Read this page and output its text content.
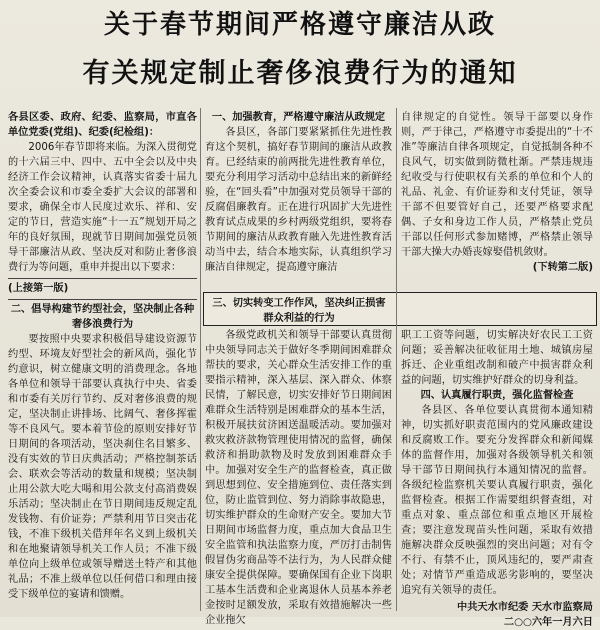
关于春节期间严格遵守廉洁从政
有关规定制止奢侈浪费行为的通知

各县区委、政府、纪委、监察局，市直各单位党委(党组)、纪委(纪检组)：

2006年春节即将来临。为深入贯彻党的十六届三中、四中、五中全会以及中央经济工作会议精神，认真落实省委十届九次全委会议和市委全委扩大会议的部署和要求，确保全市人民度过欢乐、祥和、安定的节日，营造实施“十一五”规划开局之年的良好氛围，现就节日期间加强党员领导干部廉洁从政、坚决反对和防止奢侈浪费行为等问题，重申并提出以下要求：

(上接第一版)

二、倡导构建节约型社会，坚决制止各种奢侈浪费行为

要按照中央要求积极倡导建设资源节约型、环境友好型社会的新风尚，强化节约意识，树立健康文明的消费理念。各地各单位和领导干部要认真执行中央、省委和市委有关厉行节约、反对奢侈浪费的规定，坚决制止讲排场、比阔气、奢侈挥霍等不良风气。要本着节俭的原则安排好节日期间的各项活动，坚决刹住名目繁多、没有实效的节日庆典活动；严格控制茶话会、联欢会等活动的数量和规模；坚决制止用公款大吃大喝和用公款支付高消费娱乐活动；坚决制止在节日期间违反规定乱发钱物、有价证券；严禁利用节日突击花钱，不准下级机关借拜年名义到上级机关和在地聚请领导机关工作人员；不准下级单位向上级单位或领导赠送土特产和其他礼品；不准上级单位以任何借口和理由接受下级单位的宴请和馈赠。

一、加强教育，严格遵守廉洁从政规定

各县区，各部门要紧紧抓住先进性教育这个契机，搞好春节期间的廉洁从政教育。已经结束的前两批先进性教育单位，要充分利用学习活动中总结出来的新鲜经验，在“回头看”中加强对党员领导干部的反腐倡廉教育。正在进行巩固扩大先进性教育试点成果的乡村两级党组织，要将春节期间的廉洁从政教育融入先进性教育活动当中去，结合本地实际，认真组织学习廉洁自律规定，提高遵守廉洁

三、切实转变工作作风，坚决纠正损害群众利益的行为

各级党政机关和领导干部要认真贯彻中央领导同志关于做好冬季期间困难群众帮扶的要求，关心群众生活安排工作的重要指示精神，深入基层、深入群众、体察民情，了解民意，切实安排好节日期间困难群众生活特别是困难群众的基本生活，积极开展扶贫济困送温暖活动。要加强对救灾救济款物管理使用情况的监督，确保救济和捐助款物及时发放到困难群众手中。加强对安全生产的监督检查，真正做到思想到位、安全措施到位、责任落实到位，防止监管到位、努力消除事故隐患，切实维护群众的生命财产安全。要加大节日期间市场监督力度，重点加大食品卫生安全监管和执法监察力度，严厉打击制售假冒伪劣商品等不法行为，为人民群众健康安全提供保障。要确保国有企业下岗职工基本生活费和企业离退休人员基本养老金按时足额发放，采取有效措施解决一些企业拖欠

自律规定的自觉性。领导干部要以身作则，严于律己，严格遵守市委提出的“十不准”等廉洁自律各项规定，自觉抵制各种不良风气，切实做到防微杜渐。严禁违规违纪收受与行使职权有关系的单位和个人的礼品、礼金、有价证券和支付凭证，领导干部不但要管好自己，还要严格要求配偶、子女和身边工作人员，严格禁止党员干部以任何形式参加赌博，严格禁止领导干部大操大办婚丧嫁娶借机敛财。

(下转第二版)

职工工资等问题，切实解决好农民工工资问题；妥善解决征收征用土地、城镇房屋拆迁、企业重组改制和破产中损害群众利益的问题，切实维护好群众的切身利益。

四、认真履行职责，强化监督检查

各县区、各单位要认真贯彻本通知精神，切实抓好职责范围内的党风廉政建设和反腐败工作。要充分发挥群众和新闻媒体的监督作用，加强对各级领导机关和领导干部节日期间执行本通知情况的监督。各级纪检监察机关要认真履行职责，强化监督检查。根据工作需要组织督查组，对重点对象、重点部位和重点地区开展检查；要注意发现苗头性问题，采取有效措施解决群众反映强烈的突出问题；对有令不行、有禁不止，顶风违纪的，要严肃查处；对情节严重造成恶劣影响的，要坚决追究有关领导的责任。

中共天水市纪委 天水市监察局

二○○六年一月六日
